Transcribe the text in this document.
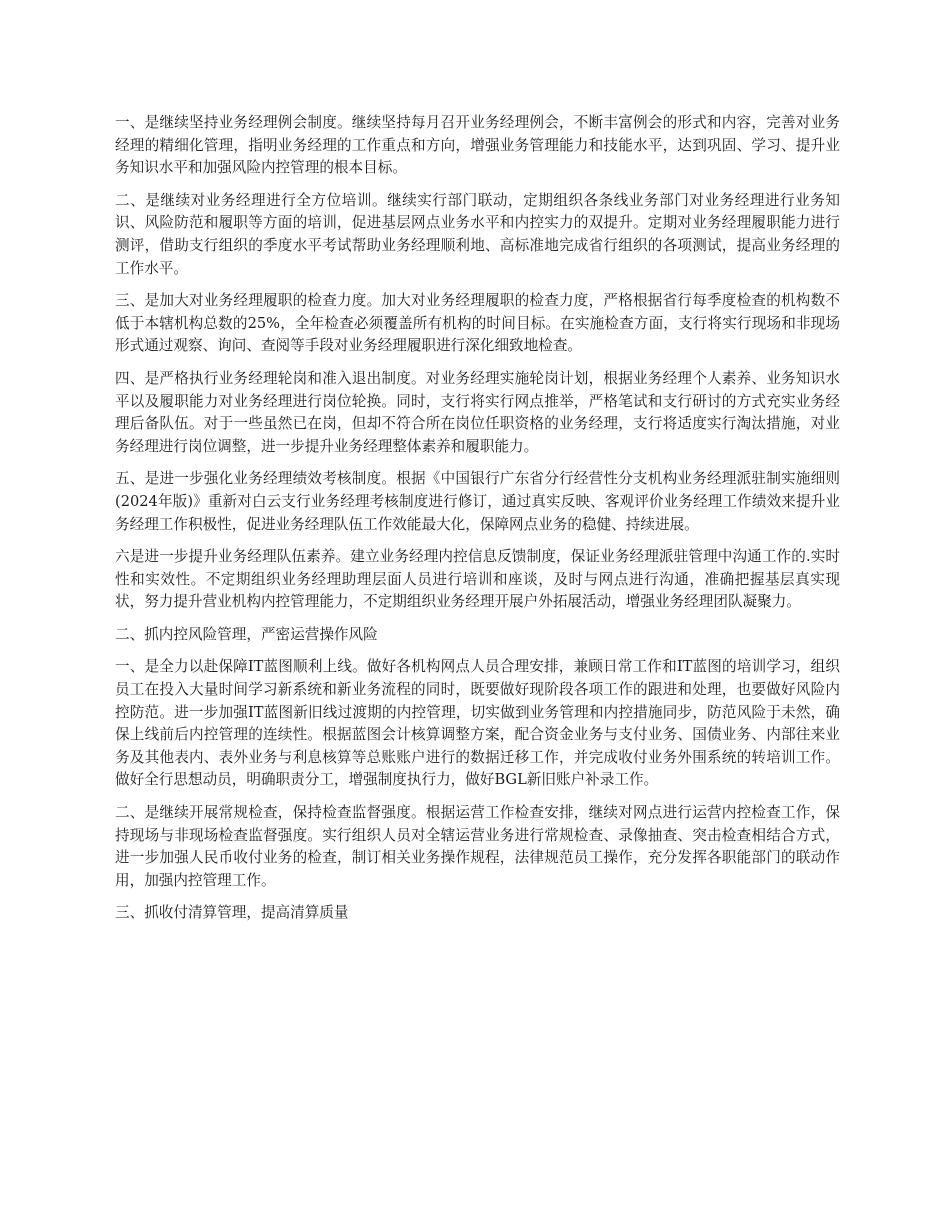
一、是继续坚持业务经理例会制度。继续坚持每月召开业务经理例会，不断丰富例会的形式和内容，完善对业务经理的精细化管理，指明业务经理的工作重点和方向，增强业务管理能力和技能水平，达到巩固、学习、提升业务知识水平和加强风险内控管理的根本目标。

二、是继续对业务经理进行全方位培训。继续实行部门联动，定期组织各条线业务部门对业务经理进行业务知识、风险防范和履职等方面的培训，促进基层网点业务水平和内控实力的双提升。定期对业务经理履职能力进行测评，借助支行组织的季度水平考试帮助业务经理顺利地、高标准地完成省行组织的各项测试，提高业务经理的工作水平。

三、是加大对业务经理履职的检查力度。加大对业务经理履职的检查力度，严格根据省行每季度检查的机构数不低于本辖机构总数的25%，全年检查必须覆盖所有机构的时间目标。在实施检查方面，支行将实行现场和非现场形式通过观察、询问、查阅等手段对业务经理履职进行深化细致地检查。

四、是严格执行业务经理轮岗和准入退出制度。对业务经理实施轮岗计划，根据业务经理个人素养、业务知识水平以及履职能力对业务经理进行岗位轮换。同时，支行将实行网点推举，严格笔试和支行研讨的方式充实业务经理后备队伍。对于一些虽然已在岗，但却不符合所在岗位任职资格的业务经理，支行将适度实行淘汰措施，对业务经理进行岗位调整，进一步提升业务经理整体素养和履职能力。

五、是进一步强化业务经理绩效考核制度。根据《中国银行广东省分行经营性分支机构业务经理派驻制实施细则(2024年版)》重新对白云支行业务经理考核制度进行修订，通过真实反映、客观评价业务经理工作绩效来提升业务经理工作积极性，促进业务经理队伍工作效能最大化，保障网点业务的稳健、持续进展。

六是进一步提升业务经理队伍素养。建立业务经理内控信息反馈制度，保证业务经理派驻管理中沟通工作的.实时性和实效性。不定期组织业务经理助理层面人员进行培训和座谈，及时与网点进行沟通，准确把握基层真实现状，努力提升营业机构内控管理能力，不定期组织业务经理开展户外拓展活动，增强业务经理团队凝聚力。

二、抓内控风险管理，严密运营操作风险

一、是全力以赴保障IT蓝图顺利上线。做好各机构网点人员合理安排，兼顾日常工作和IT蓝图的培训学习，组织员工在投入大量时间学习新系统和新业务流程的同时，既要做好现阶段各项工作的跟进和处理，也要做好风险内控防范。进一步加强IT蓝图新旧线过渡期的内控管理，切实做到业务管理和内控措施同步，防范风险于未然，确保上线前后内控管理的连续性。根据蓝图会计核算调整方案，配合资金业务与支付业务、国债业务、内部往来业务及其他表内、表外业务与利息核算等总账账户进行的数据迁移工作，并完成收付业务外围系统的转培训工作。做好全行思想动员，明确职责分工，增强制度执行力，做好BGL新旧账户补录工作。

二、是继续开展常规检查，保持检查监督强度。根据运营工作检查安排，继续对网点进行运营内控检查工作，保持现场与非现场检查监督强度。实行组织人员对全辖运营业务进行常规检查、录像抽查、突击检查相结合方式，进一步加强人民币收付业务的检查，制订相关业务操作规程，法律规范员工操作，充分发挥各职能部门的联动作用，加强内控管理工作。

三、抓收付清算管理，提高清算质量
